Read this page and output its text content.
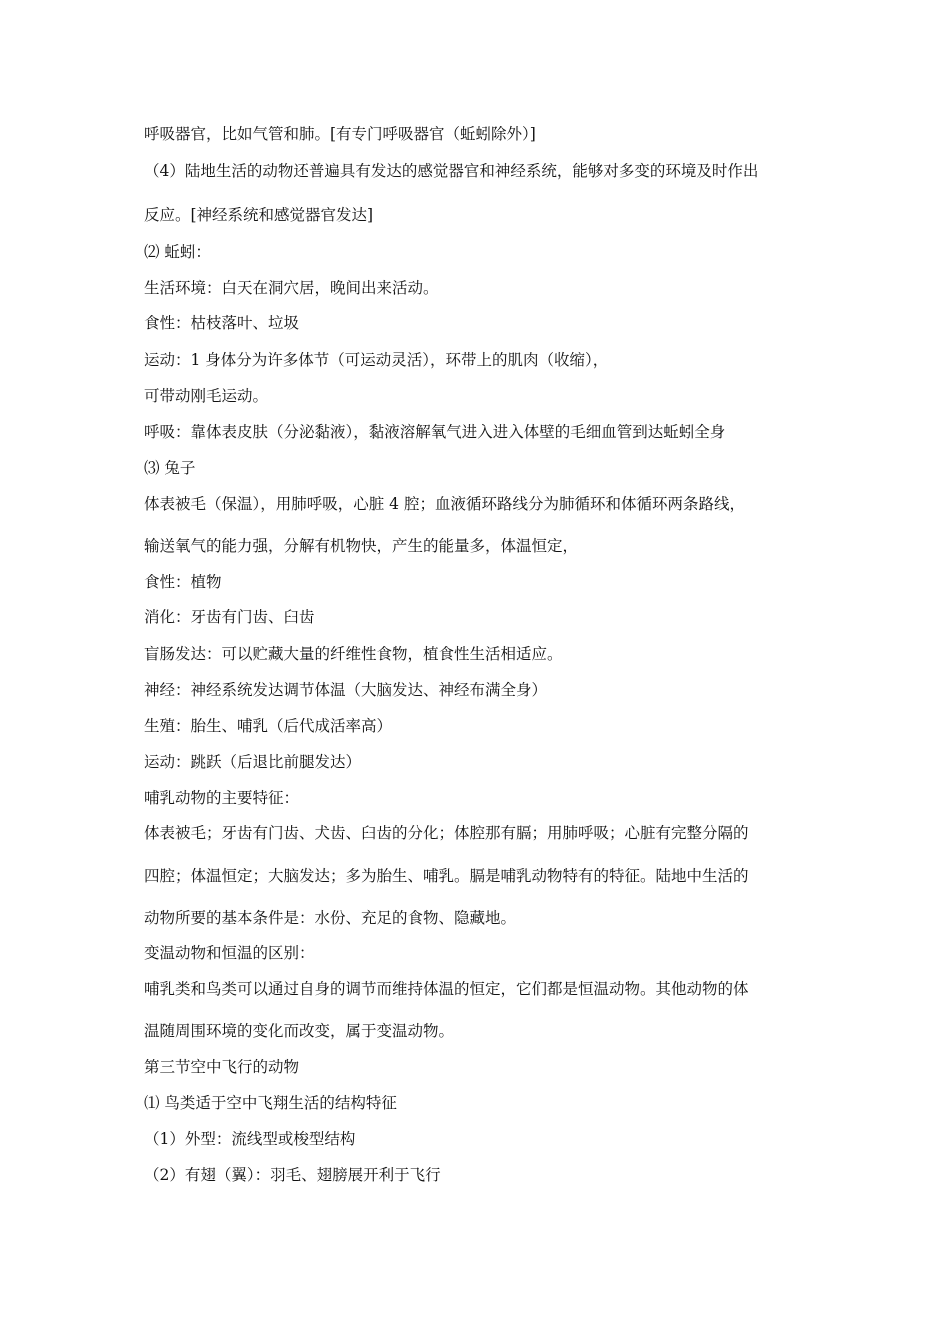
呼吸器官，比如气管和肺。[有专门呼吸器官（蚯蚓除外）]
（4）陆地生活的动物还普遍具有发达的感觉器官和神经系统，能够对多变的环境及时作出
反应。[神经系统和感觉器官发达]
⑵ 蚯蚓：
生活环境：白天在洞穴居，晚间出来活动。
食性：枯枝落叶、垃圾
运动：1 身体分为许多体节（可运动灵活），环带上的肌肉（收缩），
可带动刚毛运动。
呼吸：靠体表皮肤（分泌黏液），黏液溶解氧气进入进入体壁的毛细血管到达蚯蚓全身
⑶ 兔子
体表被毛（保温），用肺呼吸，心脏 4 腔；血液循环路线分为肺循环和体循环两条路线，
输送氧气的能力强，分解有机物快，产生的能量多，体温恒定，
食性：植物
消化：牙齿有门齿、臼齿
盲肠发达：可以贮藏大量的纤维性食物，植食性生活相适应。
神经：神经系统发达调节体温（大脑发达、神经布满全身）
生殖：胎生、哺乳（后代成活率高）
运动：跳跃（后退比前腿发达）
哺乳动物的主要特征：
体表被毛；牙齿有门齿、犬齿、臼齿的分化；体腔那有膈；用肺呼吸；心脏有完整分隔的
四腔；体温恒定；大脑发达；多为胎生、哺乳。膈是哺乳动物特有的特征。陆地中生活的
动物所要的基本条件是：水份、充足的食物、隐藏地。
变温动物和恒温的区别：
哺乳类和鸟类可以通过自身的调节而维持体温的恒定，它们都是恒温动物。其他动物的体
温随周围环境的变化而改变，属于变温动物。
第三节空中飞行的动物
⑴ 鸟类适于空中飞翔生活的结构特征
（1）外型：流线型或梭型结构
（2）有翅（翼）：羽毛、翅膀展开利于飞行
